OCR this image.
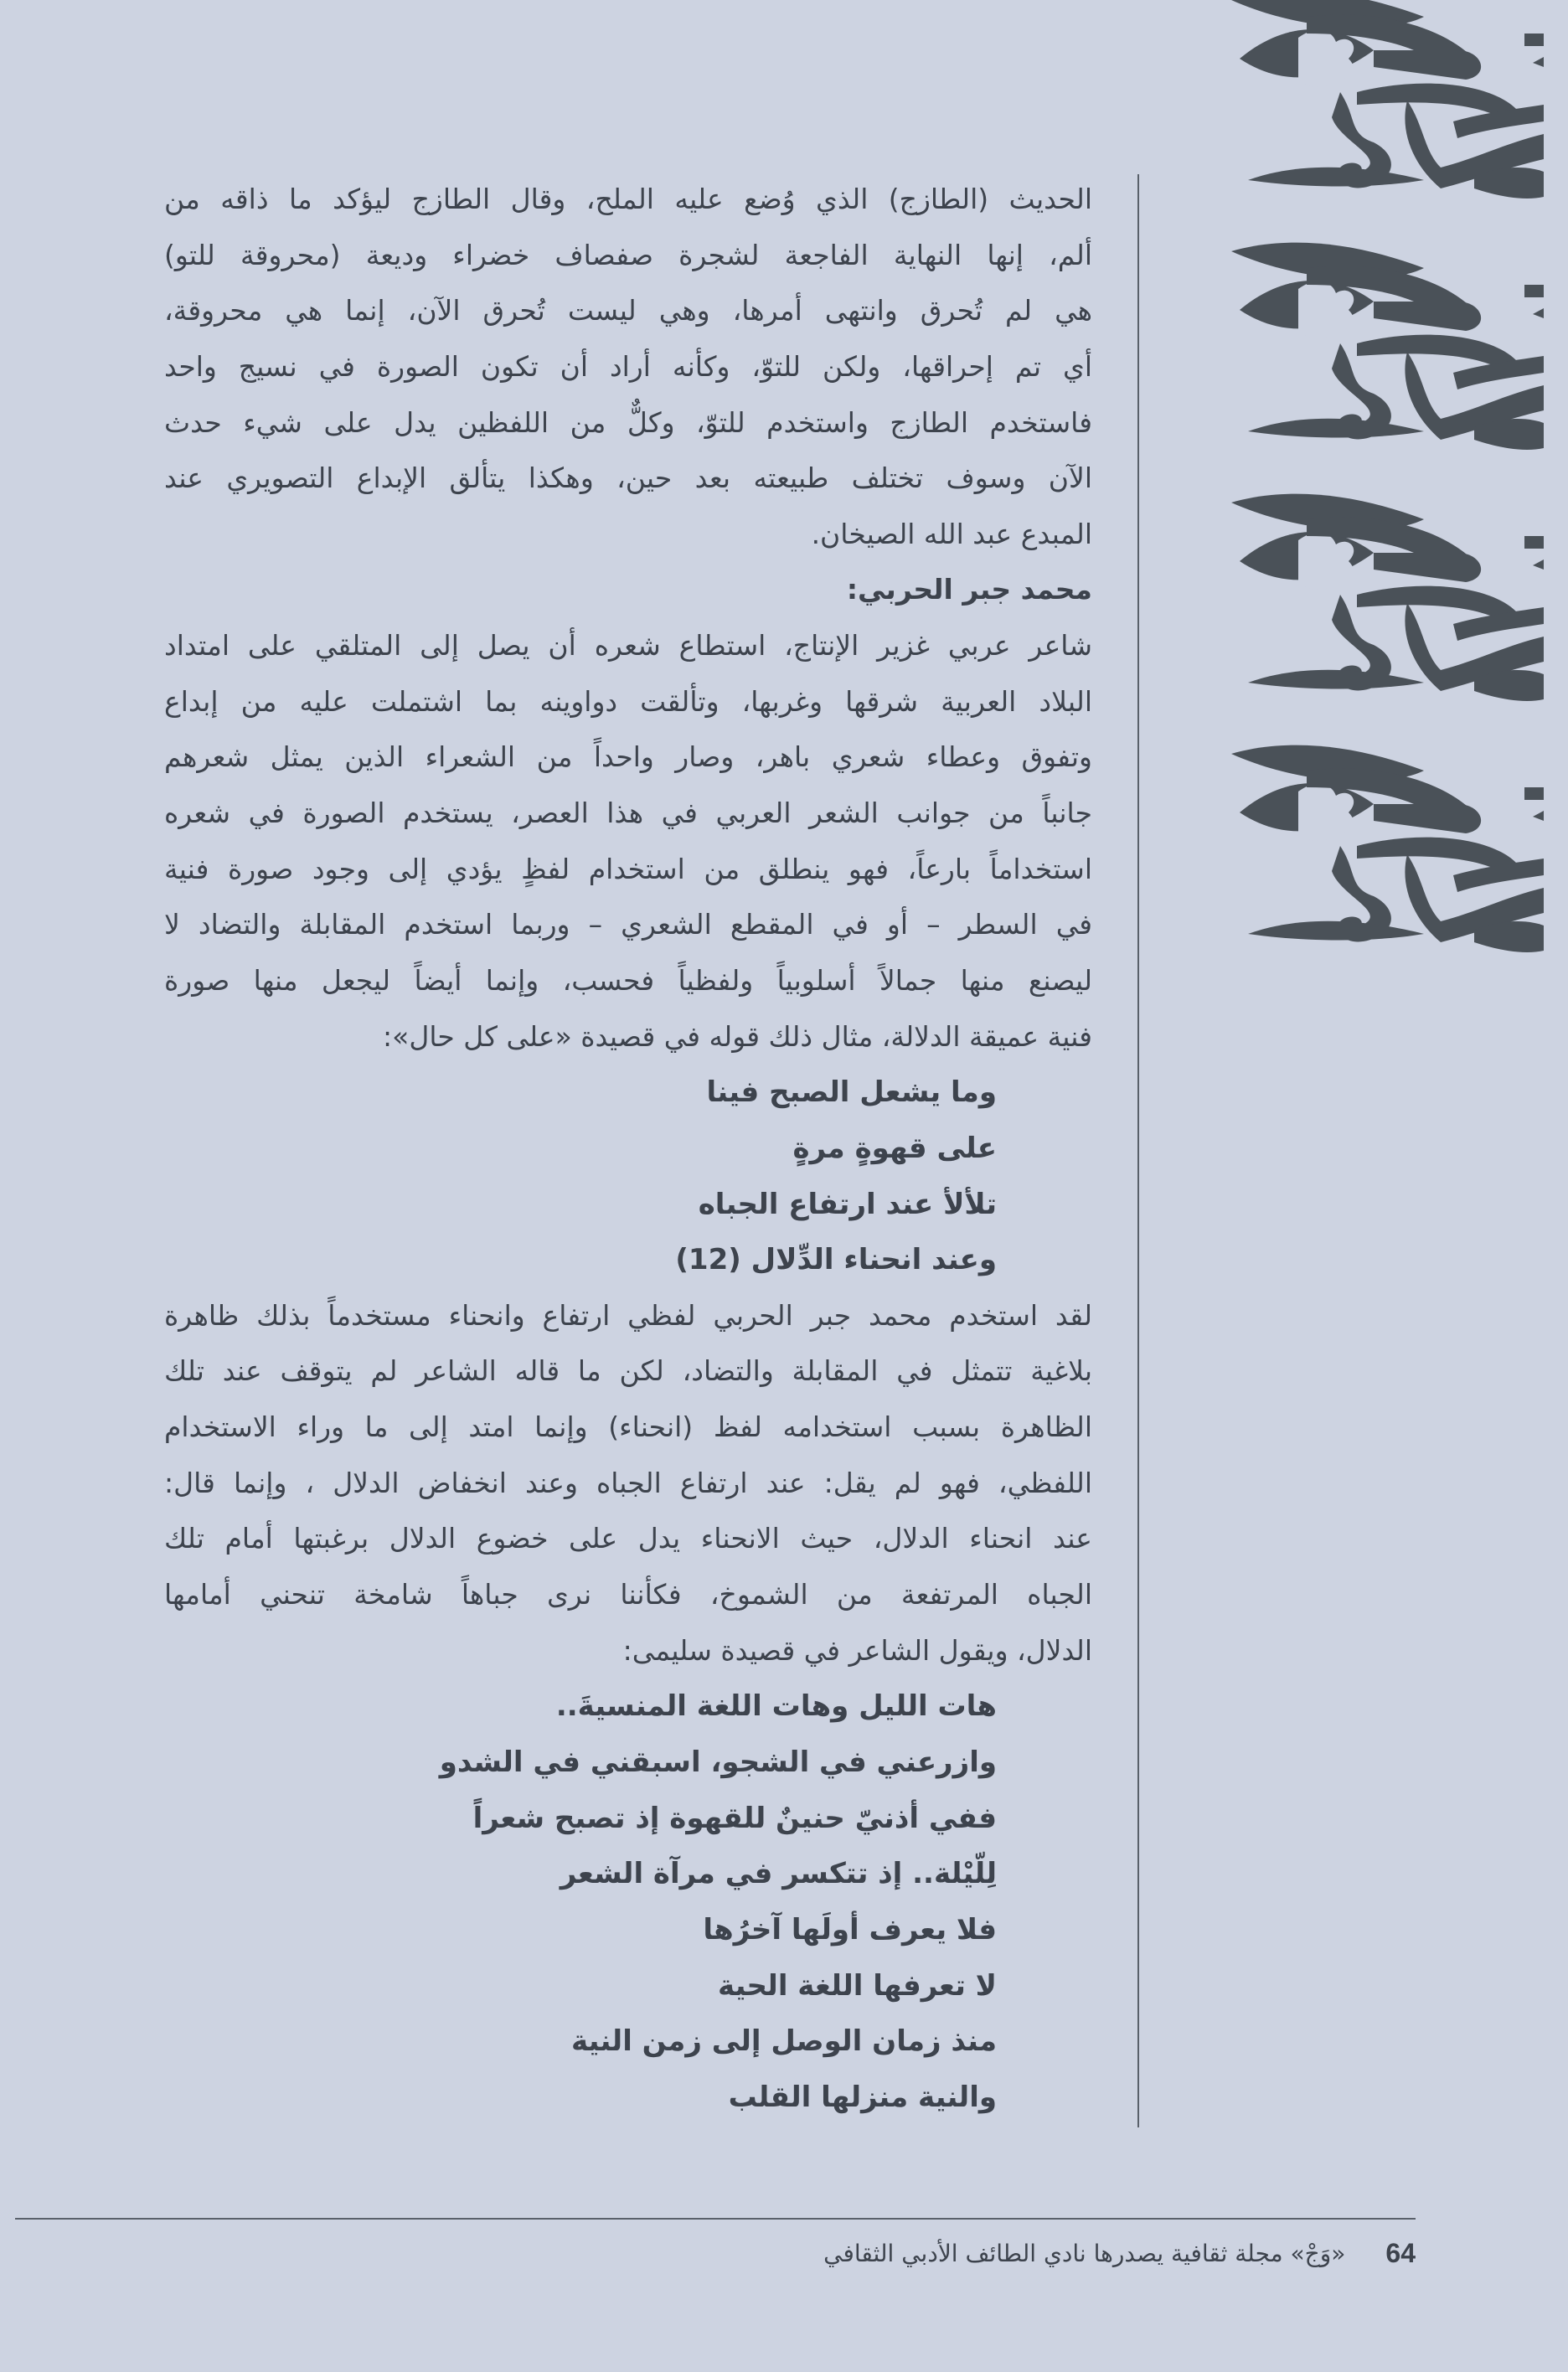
الحديث (الطازج) الذي وُضع عليه الملح، وقال الطازج ليؤكد ما ذاقه من
ألم، إنها النهاية الفاجعة لشجرة صفصاف خضراء وديعة (محروقة للتو)
هي لم تُحرق وانتهى أمرها، وهي ليست تُحرق الآن، إنما هي محروقة،
أي تم إحراقها، ولكن للتوّ، وكأنه أراد أن تكون الصورة في نسيج واحد
فاستخدم الطازج واستخدم للتوّ، وكلٌّ من اللفظين يدل على شيء حدث
الآن وسوف تختلف طبيعته بعد حين، وهكذا يتألق الإبداع التصويري عند
المبدع عبد الله الصيخان.
محمد جبر الحربي:
شاعر عربي غزير الإنتاج، استطاع شعره أن يصل إلى المتلقي على امتداد
البلاد العربية شرقها وغربها، وتألقت دواوينه بما اشتملت عليه من إبداع
وتفوق وعطاء شعري باهر، وصار واحداً من الشعراء الذين يمثل شعرهم
جانباً من جوانب الشعر العربي في هذا العصر، يستخدم الصورة في شعره
استخداماً بارعاً، فهو ينطلق من استخدام لفظٍ يؤدي إلى وجود صورة فنية
في السطر – أو في المقطع الشعري – وربما استخدم المقابلة والتضاد لا
ليصنع منها جمالاً أسلوبياً ولفظياً فحسب، وإنما أيضاً ليجعل منها صورة
فنية عميقة الدلالة، مثال ذلك قوله في قصيدة «على كل حال»:
وما يشعل الصبح فينا
على قهوةٍ مرةٍ
تلألأ عند ارتفاع الجباه
وعند انحناء الدِّلال (12)
لقد استخدم محمد جبر الحربي لفظي ارتفاع وانحناء مستخدماً بذلك ظاهرة
بلاغية تتمثل في المقابلة والتضاد، لكن ما قاله الشاعر لم يتوقف عند تلك
الظاهرة بسبب استخدامه لفظ (انحناء) وإنما امتد إلى ما وراء الاستخدام
اللفظي، فهو لم يقل: عند ارتفاع الجباه وعند انخفاض الدلال ، وإنما قال:
عند انحناء الدلال، حيث الانحناء يدل على خضوع الدلال برغبتها أمام تلك
الجباه المرتفعة من الشموخ، فكأننا نرى جباهاً شامخة تنحني أمامها
الدلال، ويقول الشاعر في قصيدة سليمى:
هات الليل وهات اللغة المنسيةَ..
وازرعني في الشجو، اسبقني في الشدو
ففي أذنيّ حنينٌ للقهوة إذ تصبح شعراً
لِلّيْلة.. إذ تتكسر في مرآة الشعر
فلا يعرف أولَها آخرُها
لا تعرفها اللغة الحية
منذ زمان الوصل إلى زمن النية
والنية منزلها القلب
64
«وَجْ» مجلة ثقافية يصدرها نادي الطائف الأدبي الثقافي
